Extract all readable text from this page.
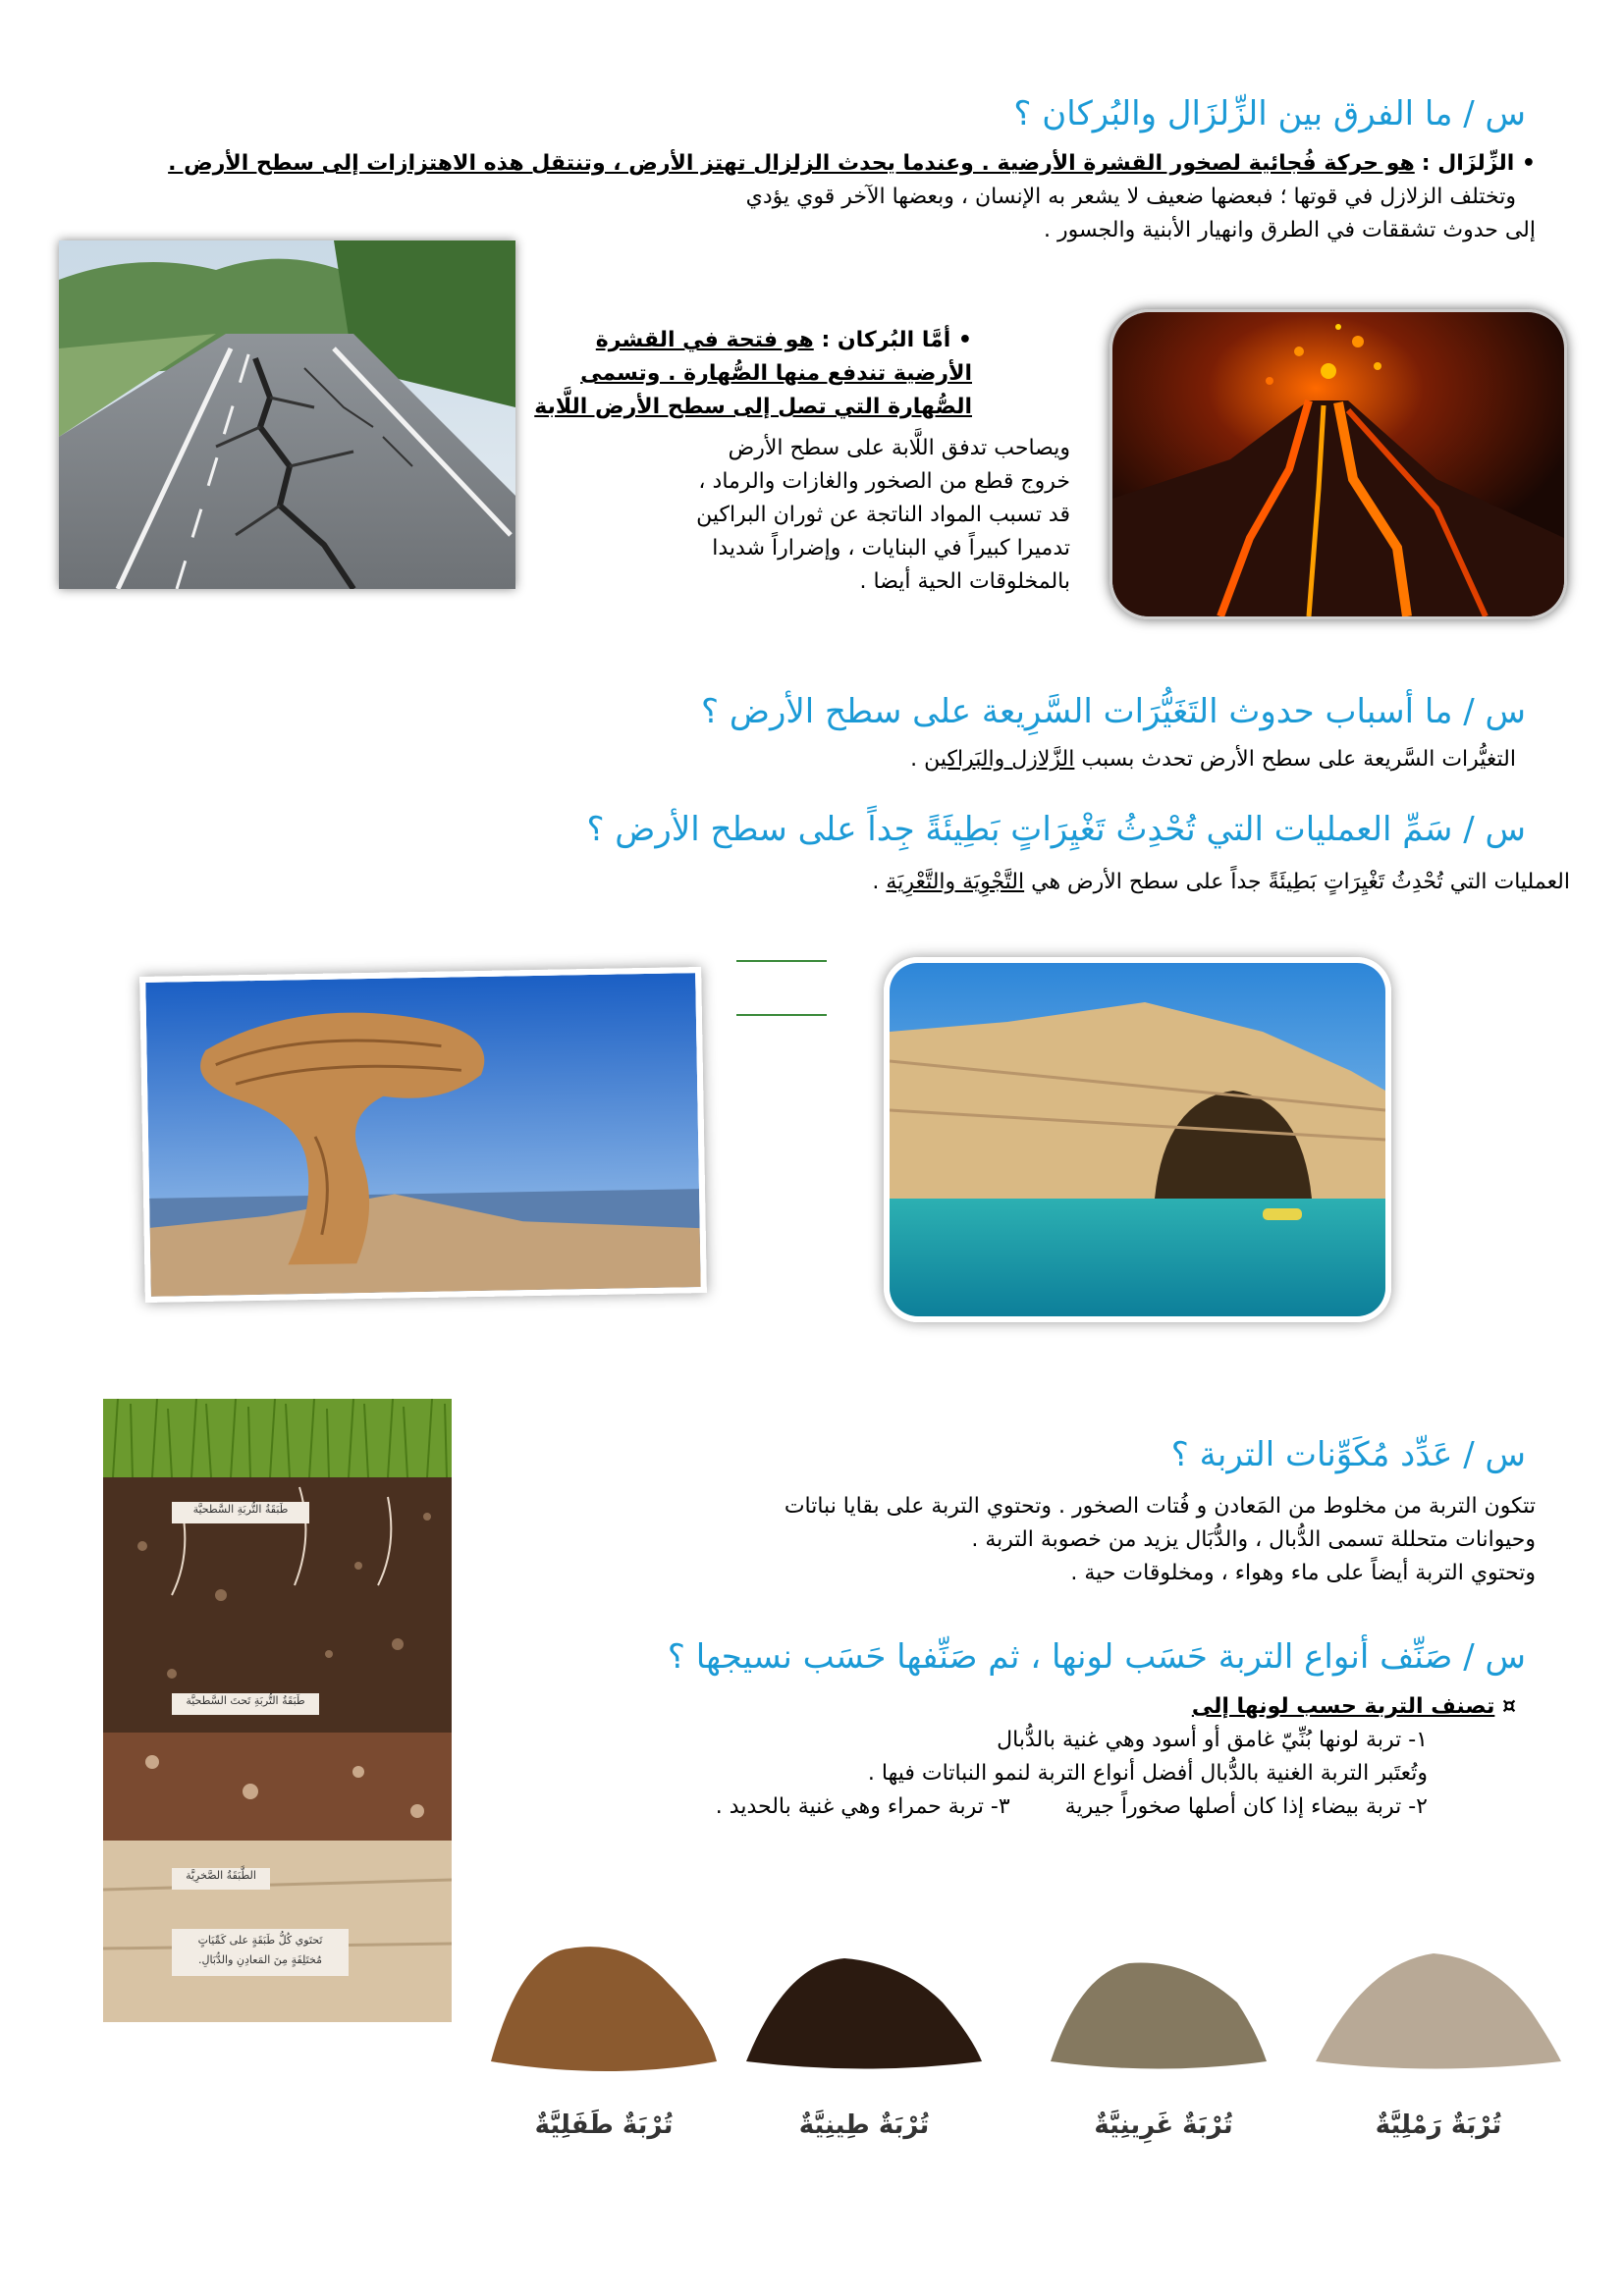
س / ما الفرق بين الزِّلزَال والبُركان ؟
• الزِّلزَال : هو حركة فُجائية لصخور القشرة الأرضية . وعندما يحدث الزلزال تهتز الأرض ، وتنتقل هذه الاهتزازات إلى سطح الأرض .
وتختلف الزلازل في قوتها ؛ فبعضها ضعيف لا يشعر به الإنسان ، وبعضها الآخر قوي يؤدي
إلى حدوث تشققات في الطرق وانهيار الأبنية والجسور .
• أمَّا البُركان : هو فتحة في القشرة
الأرضية تندفع منها الصُّهارة . وتسمى
الصُّهارة التي تصل إلى سطح الأرض اللَّابة
ويصاحب تدفق اللَّابة على سطح الأرض
خروج قطع من الصخور والغازات والرماد ،
قد تسبب المواد الناتجة عن ثوران البراكين
تدميرا كبيراً في البنايات ، وإضراراً شديدا
بالمخلوقات الحية أيضا .
س / ما أسباب حدوث التَغَيُّرَات السَّرِيعة على سطح الأرض ؟
التغيُّرات السَّريعة على سطح الأرض تحدث بسبب الزَّلازل والبَراكين .
س / سَمِّ العمليات التي تُحْدِثُ تَغْيِرَاتٍ بَطِيئَةً جِداً على سطح الأرض ؟
العمليات التي تُحْدِثُ تَغْيِرَاتٍ بَطِيئَةً جداً على سطح الأرض هي التَّجْوِيَة والتَّعْرِيَة .
طَبَقَةُ التُّربَةِ السَّطحيَّة
طَبَقَةُ التُّربَةِ تَحتَ السَّطحيَّة
الطَّبَقَةُ الصَّخرِيَّة
تَحتَوي كُلُّ طَبَقَةٍ على كَمِّيَاتٍ
مُختَلِفَةٍ مِنَ المَعادِنِ والدُّبَالِ.
س / عَدِّد مُكَوِّنات التربة ؟
تتكون التربة من مخلوط من المَعادن و فُتات الصخور . وتحتوي التربة على بقايا نباتات
وحيوانات متحللة تسمى الدُّبال ، والدُّبَال يزيد من خصوبة التربة .
وتحتوي التربة أيضاً على ماء وهواء ، ومخلوقات حية .
س / صَنِّف أنواع التربة حَسَب لونها ، ثم صَنِّفها حَسَب نسيجها ؟
¤ تصنف التربة حسب لونها إلى
١- تربة لونها بُنِّيّ غامق أو أسود وهي غنية بالدُّبال
وتُعتَبر التربة الغنية بالدُّبال أفضل أنواع التربة لنمو النباتات فيها .
٢- تربة بيضاء إذا كان أصلها صخوراً جيرية        ٣- تربة حمراء وهي غنية بالحديد .
تُرْبَةٌ رَمْلِيَّةٌ
تُرْبَةٌ غَرِينِيَّةٌ
تُرْبَةٌ طِينِيَّةٌ
تُرْبَةٌ طَفَلِيَّةٌ
